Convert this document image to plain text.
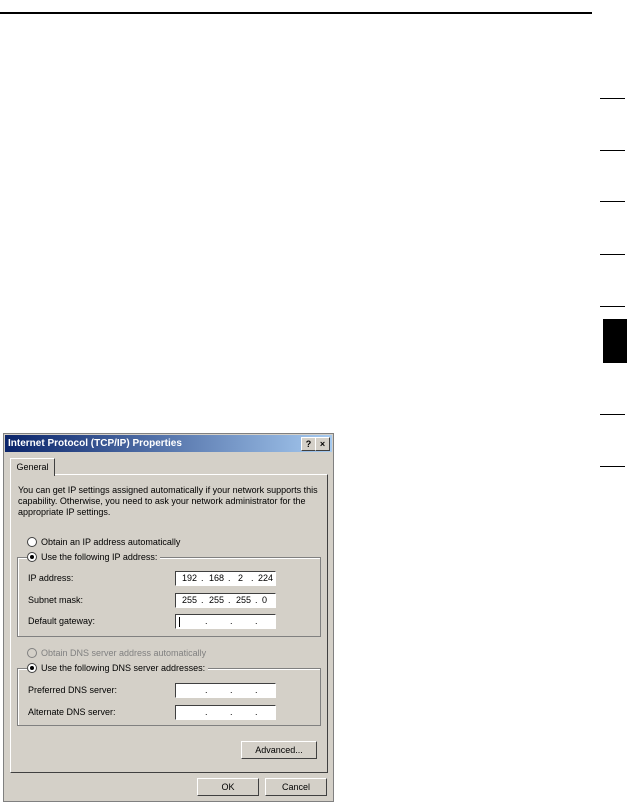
Internet Protocol (TCP/IP) Properties	? ×
General
You can get IP settings assigned automatically if your network supports this capability. Otherwise, you need to ask your network administrator for the appropriate IP settings.
Obtain an IP address automatically
Use the following IP address:
IP address:	192 . 168 . 2 . 224
Subnet mask:	255 . 255 . 255 . 0
Default gateway:	. . .
Obtain DNS server address automatically
Use the following DNS server addresses:
Preferred DNS server:	. . .
Alternate DNS server:	. . .
Advanced...
OK	Cancel
